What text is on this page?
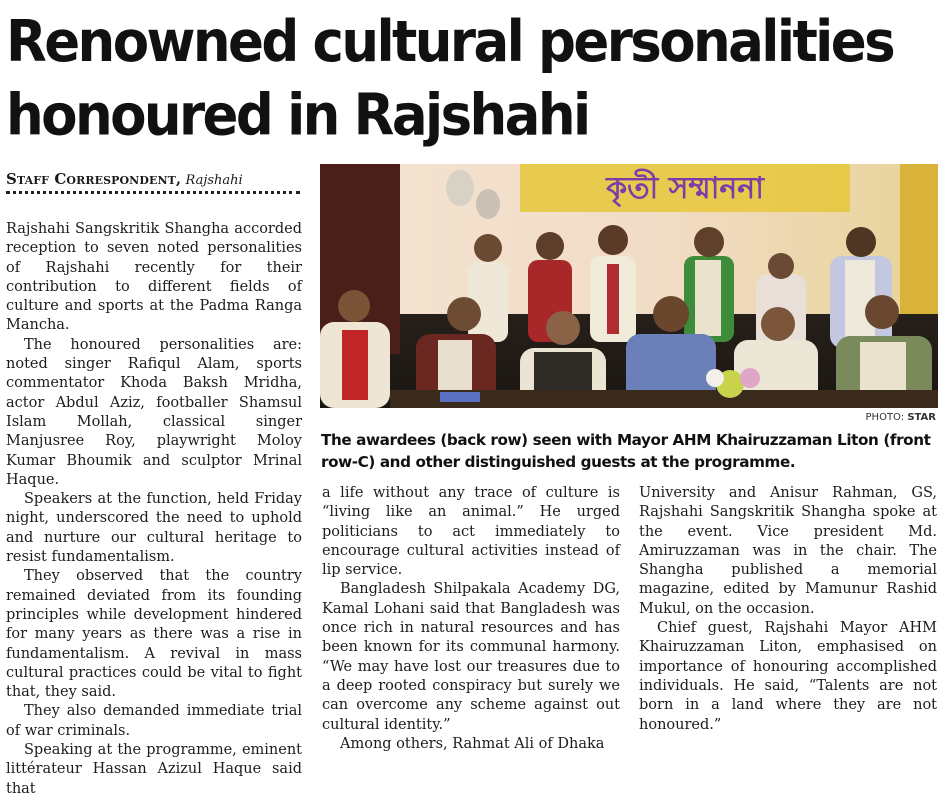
Renowned cultural personalities honoured in Rajshahi
Staff Correspondent, Rajshahi	কৃতী সম্মাননা
PHOTO: STAR

The awardees (back row) seen with Mayor AHM Khairuzzaman Liton (front row-C) and other distinguished guests at the programme.

Rajshahi Sangskritik Shangha accorded reception to seven noted personalities of Rajshahi recently for their contribution to different fields of culture and sports at the Padma Ranga Mancha.

The honoured personalities are: noted singer Rafiqul Alam, sports commentator Khoda Baksh Mridha, actor Abdul Aziz, footballer Shamsul Islam Mollah, classical singer Manjusree Roy, playwright Moloy Kumar Bhoumik and sculptor Mrinal Haque.

Speakers at the function, held Friday night, underscored the need to uphold and nurture our cultural heritage to resist fundamentalism.

They observed that the country remained deviated from its founding principles while development hindered for many years as there was a rise in fundamentalism. A revival in mass cultural practices could be vital to fight that, they said.

They also demanded immediate trial of war criminals.

Speaking at the programme, eminent littérateur Hassan Azizul Haque said that

a life without any trace of culture is “living like an animal.” He urged politicians to act immediately to encourage cultural activities instead of lip service.

Bangladesh Shilpakala Academy DG, Kamal Lohani said that Bangladesh was once rich in natural resources and has been known for its communal harmony. “We may have lost our treasures due to a deep rooted conspiracy but surely we can overcome any scheme against out cultural identity.”

Among others, Rahmat Ali of Dhaka

University and Anisur Rahman, GS, Rajshahi Sangskritik Shangha spoke at the event. Vice president Md. Amiruzzaman was in the chair. The Shangha published a memorial magazine, edited by Mamunur Rashid Mukul, on the occasion.

Chief guest, Rajshahi Mayor AHM Khairuzzaman Liton, emphasised on importance of honouring accomplished individuals. He said, “Talents are not born in a land where they are not honoured.”
